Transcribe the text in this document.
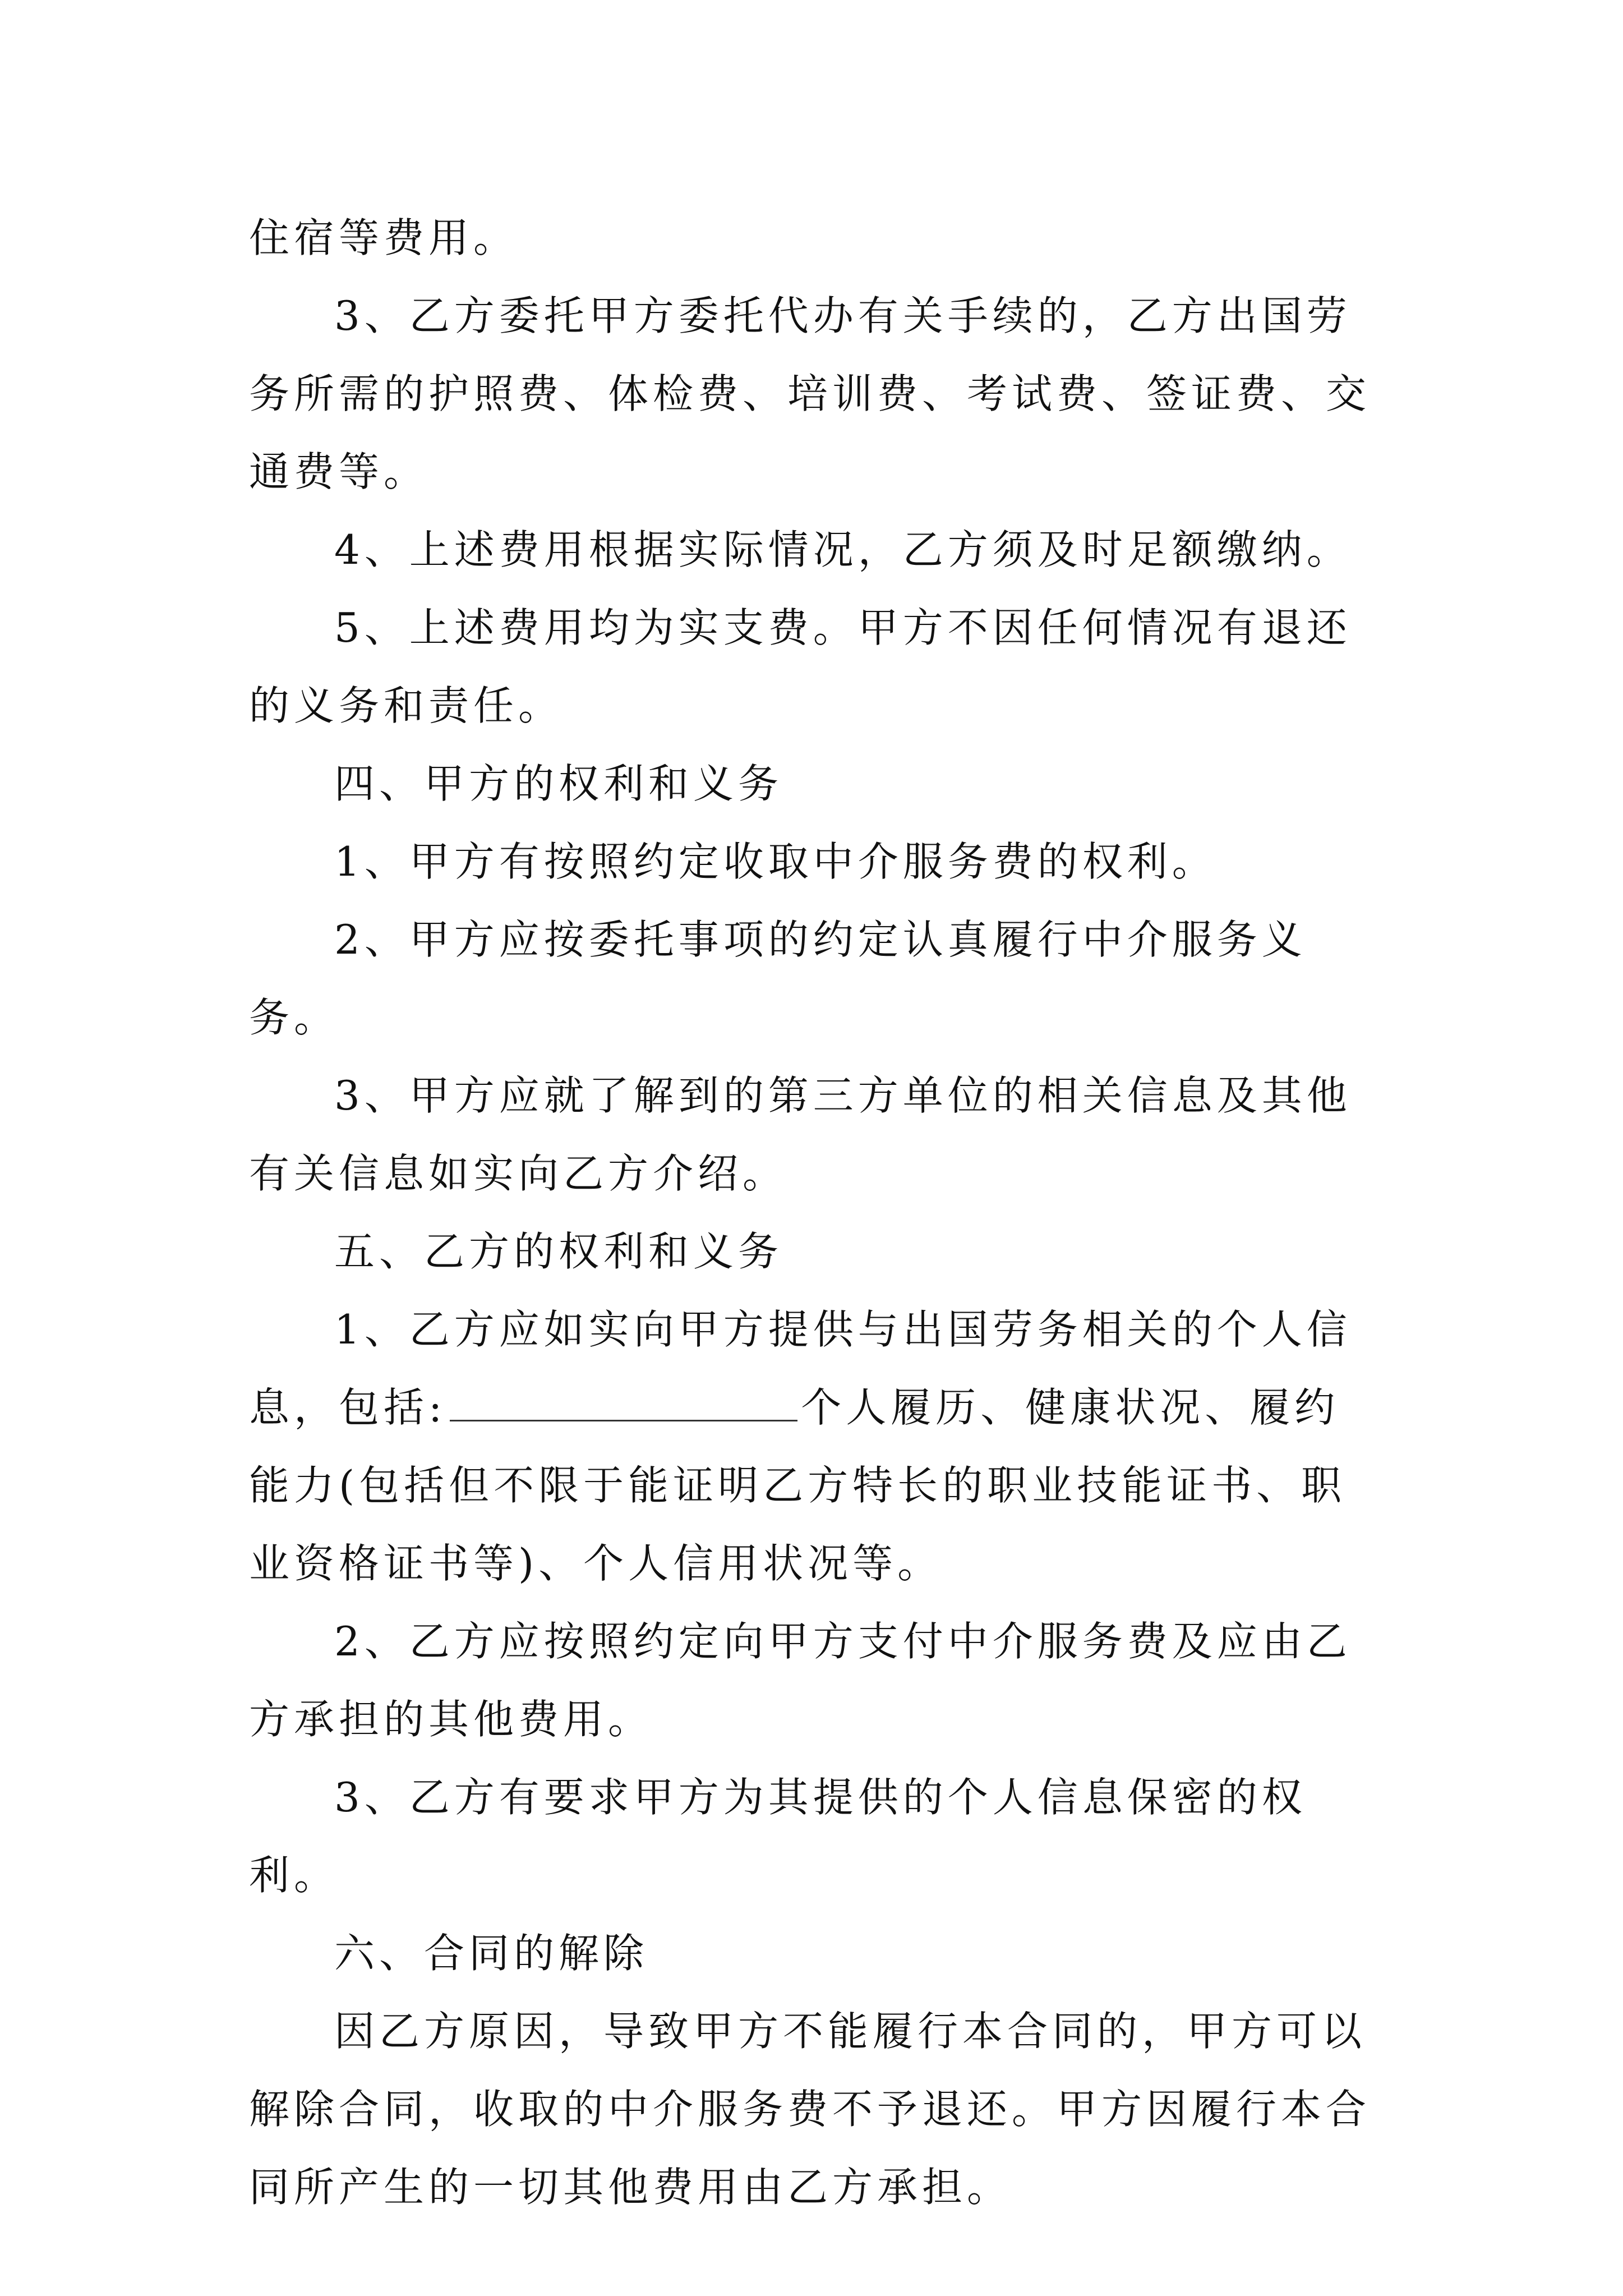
住宿等费用。

3、乙方委托甲方委托代办有关手续的，乙方出国劳务所需的护照费、体检费、培训费、考试费、签证费、交通费等。

4、上述费用根据实际情况，乙方须及时足额缴纳。

5、上述费用均为实支费。甲方不因任何情况有退还的义务和责任。

四、甲方的权利和义务

1、甲方有按照约定收取中介服务费的权利。

2、甲方应按委托事项的约定认真履行中介服务义务。

3、甲方应就了解到的第三方单位的相关信息及其他有关信息如实向乙方介绍。

五、乙方的权利和义务

1、乙方应如实向甲方提供与出国劳务相关的个人信息，包括:	个人履历、健康状况、履约能力(包括但不限于能证明乙方特长的职业技能证书、职业资格证书等)、个人信用状况等。

2、乙方应按照约定向甲方支付中介服务费及应由乙方承担的其他费用。

3、乙方有要求甲方为其提供的个人信息保密的权利。

六、合同的解除

因乙方原因，导致甲方不能履行本合同的，甲方可以解除合同，收取的中介服务费不予退还。甲方因履行本合同所产生的一切其他费用由乙方承担。
